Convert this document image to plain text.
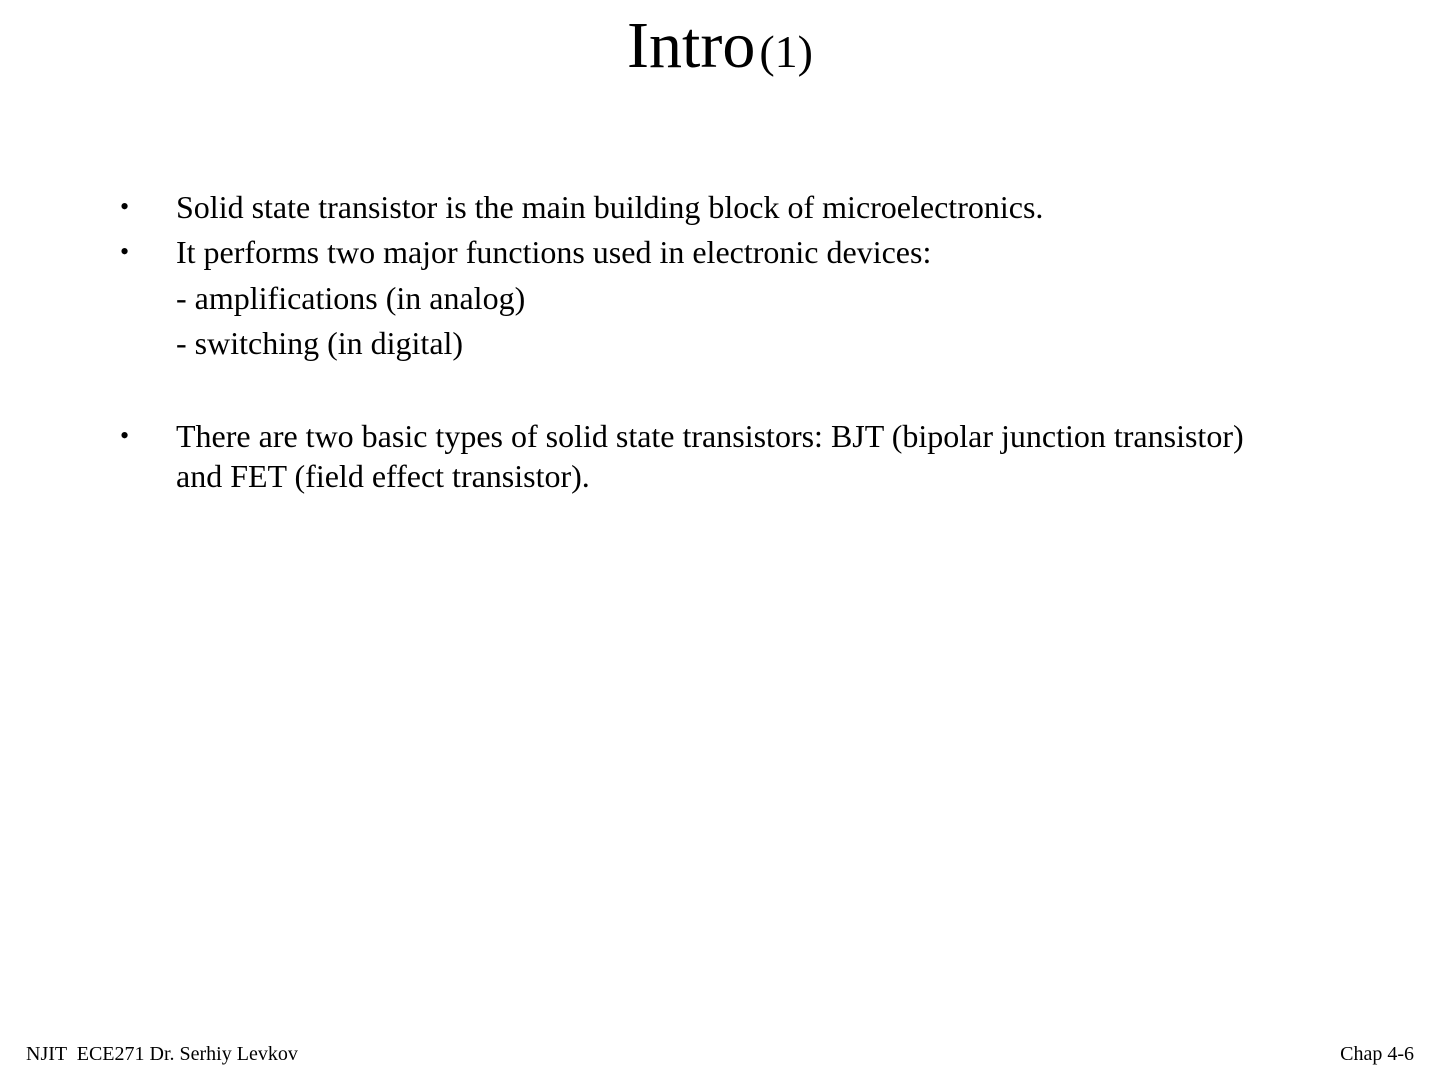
Intro (1)
• Solid state transistor is the main building block of microelectronics.
• It performs two major functions used in electronic devices:
- amplifications (in analog)
- switching (in digital)
• There are two basic types of solid state transistors: BJT (bipolar junction transistor) and FET (field effect transistor).
NJIT  ECE271 Dr. Serhiy Levkov	Chap 4-6
